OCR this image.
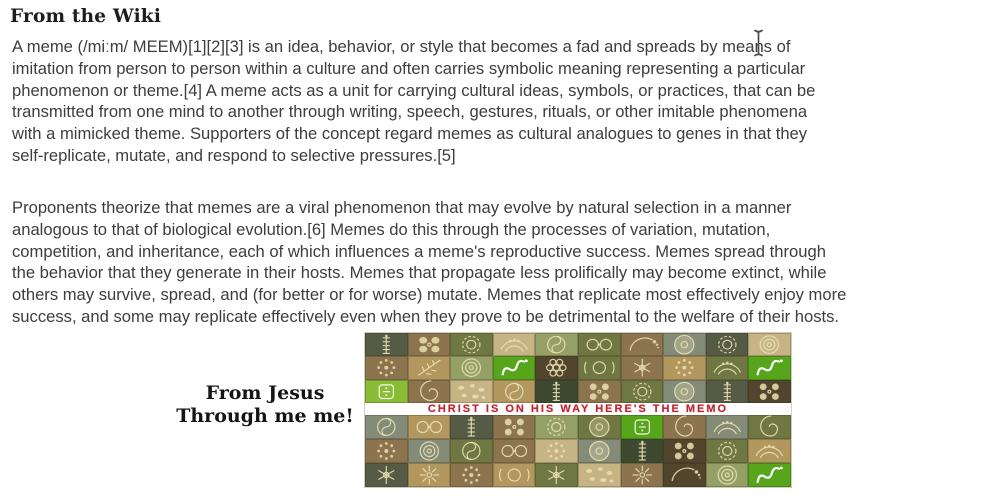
From the Wiki
A meme (/miːm/ MEEM)[1][2][3] is an idea, behavior, or style that becomes a fad and spreads by means of
imitation from person to person within a culture and often carries symbolic meaning representing a particular
phenomenon or theme.[4] A meme acts as a unit for carrying cultural ideas, symbols, or practices, that can be
transmitted from one mind to another through writing, speech, gestures, rituals, or other imitable phenomena
with a mimicked theme. Supporters of the concept regard memes as cultural analogues to genes in that they
self-replicate, mutate, and respond to selective pressures.[5]
Proponents theorize that memes are a viral phenomenon that may evolve by natural selection in a manner
analogous to that of biological evolution.[6] Memes do this through the processes of variation, mutation,
competition, and inheritance, each of which influences a meme's reproductive success. Memes spread through
the behavior that they generate in their hosts. Memes that propagate less prolifically may become extinct, while
others may survive, spread, and (for better or for worse) mutate. Memes that replicate most effectively enjoy more
success, and some may replicate effectively even when they prove to be detrimental to the welfare of their hosts.
From Jesus
Through me me!	CHRIST IS ON HIS WAY HERE'S THE MEMO
